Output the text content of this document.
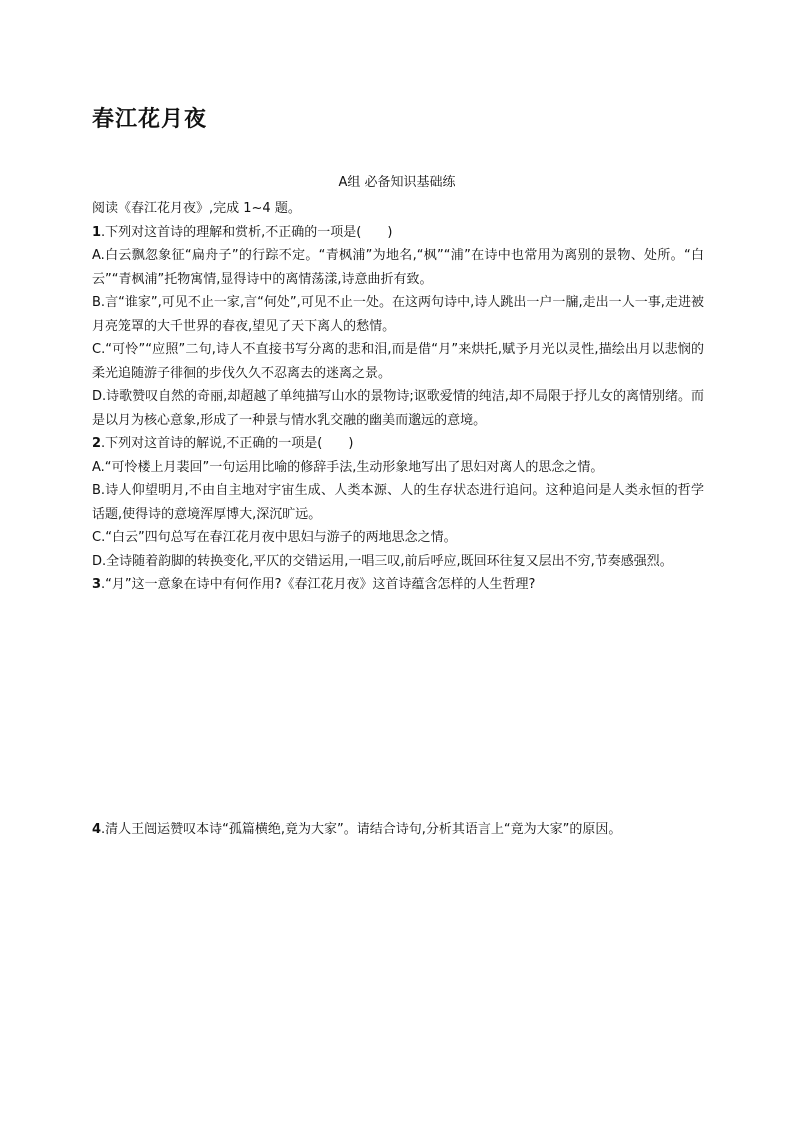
春江花月夜
A组 必备知识基础练

阅读《春江花月夜》,完成 1~4 题。

1.下列对这首诗的理解和赏析,不正确的一项是(　　)

A.白云飘忽象征“扁舟子”的行踪不定。“青枫浦”为地名,“枫”“浦”在诗中也常用为离别的景物、处所。“白云”“青枫浦”托物寓情,显得诗中的离情荡漾,诗意曲折有致。

B.言“谁家”,可见不止一家,言“何处”,可见不止一处。在这两句诗中,诗人跳出一户一牖,走出一人一事,走进被月亮笼罩的大千世界的春夜,望见了天下离人的愁情。

C.“可怜”“应照”二句,诗人不直接书写分离的悲和泪,而是借“月”来烘托,赋予月光以灵性,描绘出月以悲悯的柔光追随游子徘徊的步伐久久不忍离去的迷离之景。

D.诗歌赞叹自然的奇丽,却超越了单纯描写山水的景物诗;讴歌爱情的纯洁,却不局限于抒儿女的离情别绪。而是以月为核心意象,形成了一种景与情水乳交融的幽美而邈远的意境。

2.下列对这首诗的解说,不正确的一项是(　　)

A.“可怜楼上月裴回”一句运用比喻的修辞手法,生动形象地写出了思妇对离人的思念之情。

B.诗人仰望明月,不由自主地对宇宙生成、人类本源、人的生存状态进行追问。这种追问是人类永恒的哲学话题,使得诗的意境浑厚博大,深沉旷远。

C.“白云”四句总写在春江花月夜中思妇与游子的两地思念之情。

D.全诗随着韵脚的转换变化,平仄的交错运用,一唱三叹,前后呼应,既回环往复又层出不穷,节奏感强烈。

3.“月”这一意象在诗中有何作用?《春江花月夜》这首诗蕴含怎样的人生哲理?

4.清人王闿运赞叹本诗“孤篇横绝,竟为大家”。请结合诗句,分析其语言上“竟为大家”的原因。
